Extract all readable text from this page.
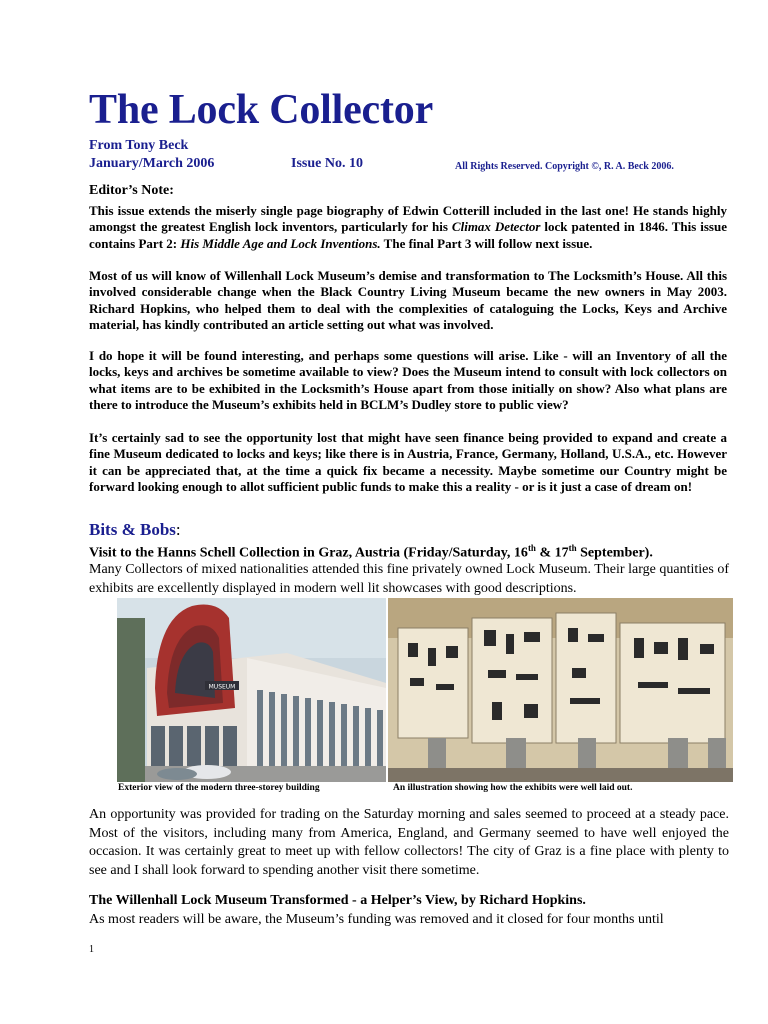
The Lock Collector
From Tony Beck
January/March 2006	Issue No. 10	All Rights Reserved. Copyright ©, R. A. Beck 2006.
Editor’s Note:

This issue extends the miserly single page biography of Edwin Cotterill included in the last one! He stands highly amongst the greatest English lock inventors, particularly for his Climax Detector lock patented in 1846. This issue contains Part 2: His Middle Age and Lock Inventions. The final Part 3 will follow next issue.

Most of us will know of Willenhall Lock Museum’s demise and transformation to The Locksmith’s House. All this involved considerable change when the Black Country Living Museum became the new owners in May 2003. Richard Hopkins, who helped them to deal with the complexities of cataloguing the Locks, Keys and Archive material, has kindly contributed an article setting out what was involved.

I do hope it will be found interesting, and perhaps some questions will arise. Like - will an Inventory of all the locks, keys and archives be sometime available to view? Does the Museum intend to consult with lock collectors on what items are to be exhibited in the Locksmith’s House apart from those initially on show? Also what plans are there to introduce the Museum’s exhibits held in BCLM’s Dudley store to public view?

It’s certainly sad to see the opportunity lost that might have seen finance being provided to expand and create a fine Museum dedicated to locks and keys; like there is in Austria, France, Germany, Holland, U.S.A., etc. However it can be appreciated that, at the time a quick fix became a necessity. Maybe sometime our Country might be forward looking enough to allot sufficient public funds to make this a reality - or is it just a case of dream on!

Bits & Bobs:
Visit to the Hanns Schell Collection in Graz, Austria (Friday/Saturday, 16th & 17th September).
Many Collectors of mixed nationalities attended this fine privately owned Lock Museum. Their large quantities of exhibits are excellently displayed in modern well lit showcases with good descriptions.
MUSEUM
Exterior view of the modern three-storey building	An illustration showing how the exhibits were well laid out.
An opportunity was provided for trading on the Saturday morning and sales seemed to proceed at a steady pace. Most of the visitors, including many from America, England, and Germany seemed to have well enjoyed the occasion. It was certainly great to meet up with fellow collectors! The city of Graz is a fine place with plenty to see and I shall look forward to spending another visit there sometime.
The Willenhall Lock Museum Transformed - a Helper’s View, by Richard Hopkins.
As most readers will be aware, the Museum’s funding was removed and it closed for four months until
1
